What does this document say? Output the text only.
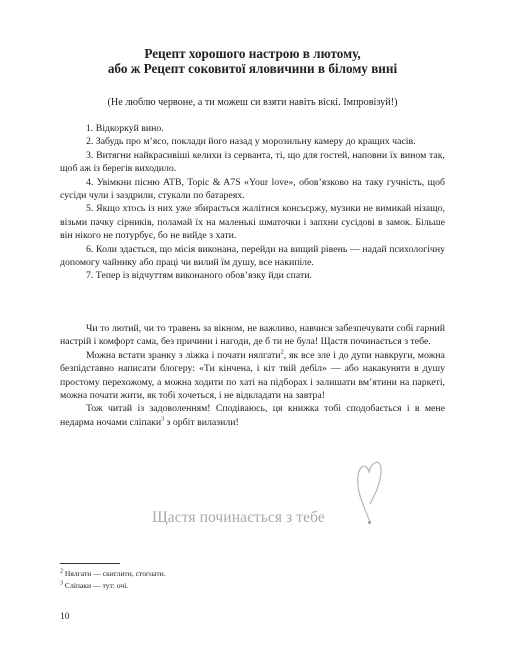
Рецепт хорошого настрою в лютому,
або ж Рецепт соковитої яловичини в білому вині
(Не люблю червоне, а ти можеш си взяти навіть віскі. Імпровізуй!)

1. Відкоркуй вино.

2. Забудь про м’ясо, поклади його назад у морозильну камеру до кращих часів.

3. Витягни найкрасивіші келихи із серванта, ті, що для гостей, наповни їх вином так, щоб аж із берегів виходило.

4. Увімкни пісню ATB, Topic & A7S «Your love», обов’язково на таку гучність, щоб сусіди чули і заздрили, стукали по батареях.

5. Якщо хтось із них уже збирається жалітися консьєржу, музики не вимикай нізащо, візьми пачку сірників, поламай їх на маленькі шматочки і запхни сусідові в замок. Більше він нікого не потурбує, бо не вийде з хати.

6. Коли здається, що місія виконана, перейди на вищий рівень — надай психологічну допомогу чайнику або праці чи вилий їм душу, все накипіле.

7. Тепер із відчуттям виконаного обов’язку йди спати.

Чи то лютий, чи то травень за вікном, не важливо, навчися забезпечувати собі гарний настрій і комфорт сама, без причини і нагоди, де б ти не була! Щастя починається з тебе.

Можна встати зранку з ліжка і почати нялгати$^2$, як все зле і до дупи навкруги, можна безпідставно написати блогеру: «Ти кінчена, і кіт твій дебіл» — або накакуняти в душу простому перехожому, а можна ходити по хаті на підборах і залишати вм’ятини на паркеті, можна почати жити, як тобі хочеться, і не відкладати на завтра!

Тож читай із задоволенням! Сподіваюсь, ця книжка тобі сподобається і в мене недарма ночами сліпаки$^3$ з орбіт вилазили!

Щастя починається з тебе
$^2$ Нялгати — скиглити, стогнати.
$^3$ Сліпаки — тут: очі.
10
